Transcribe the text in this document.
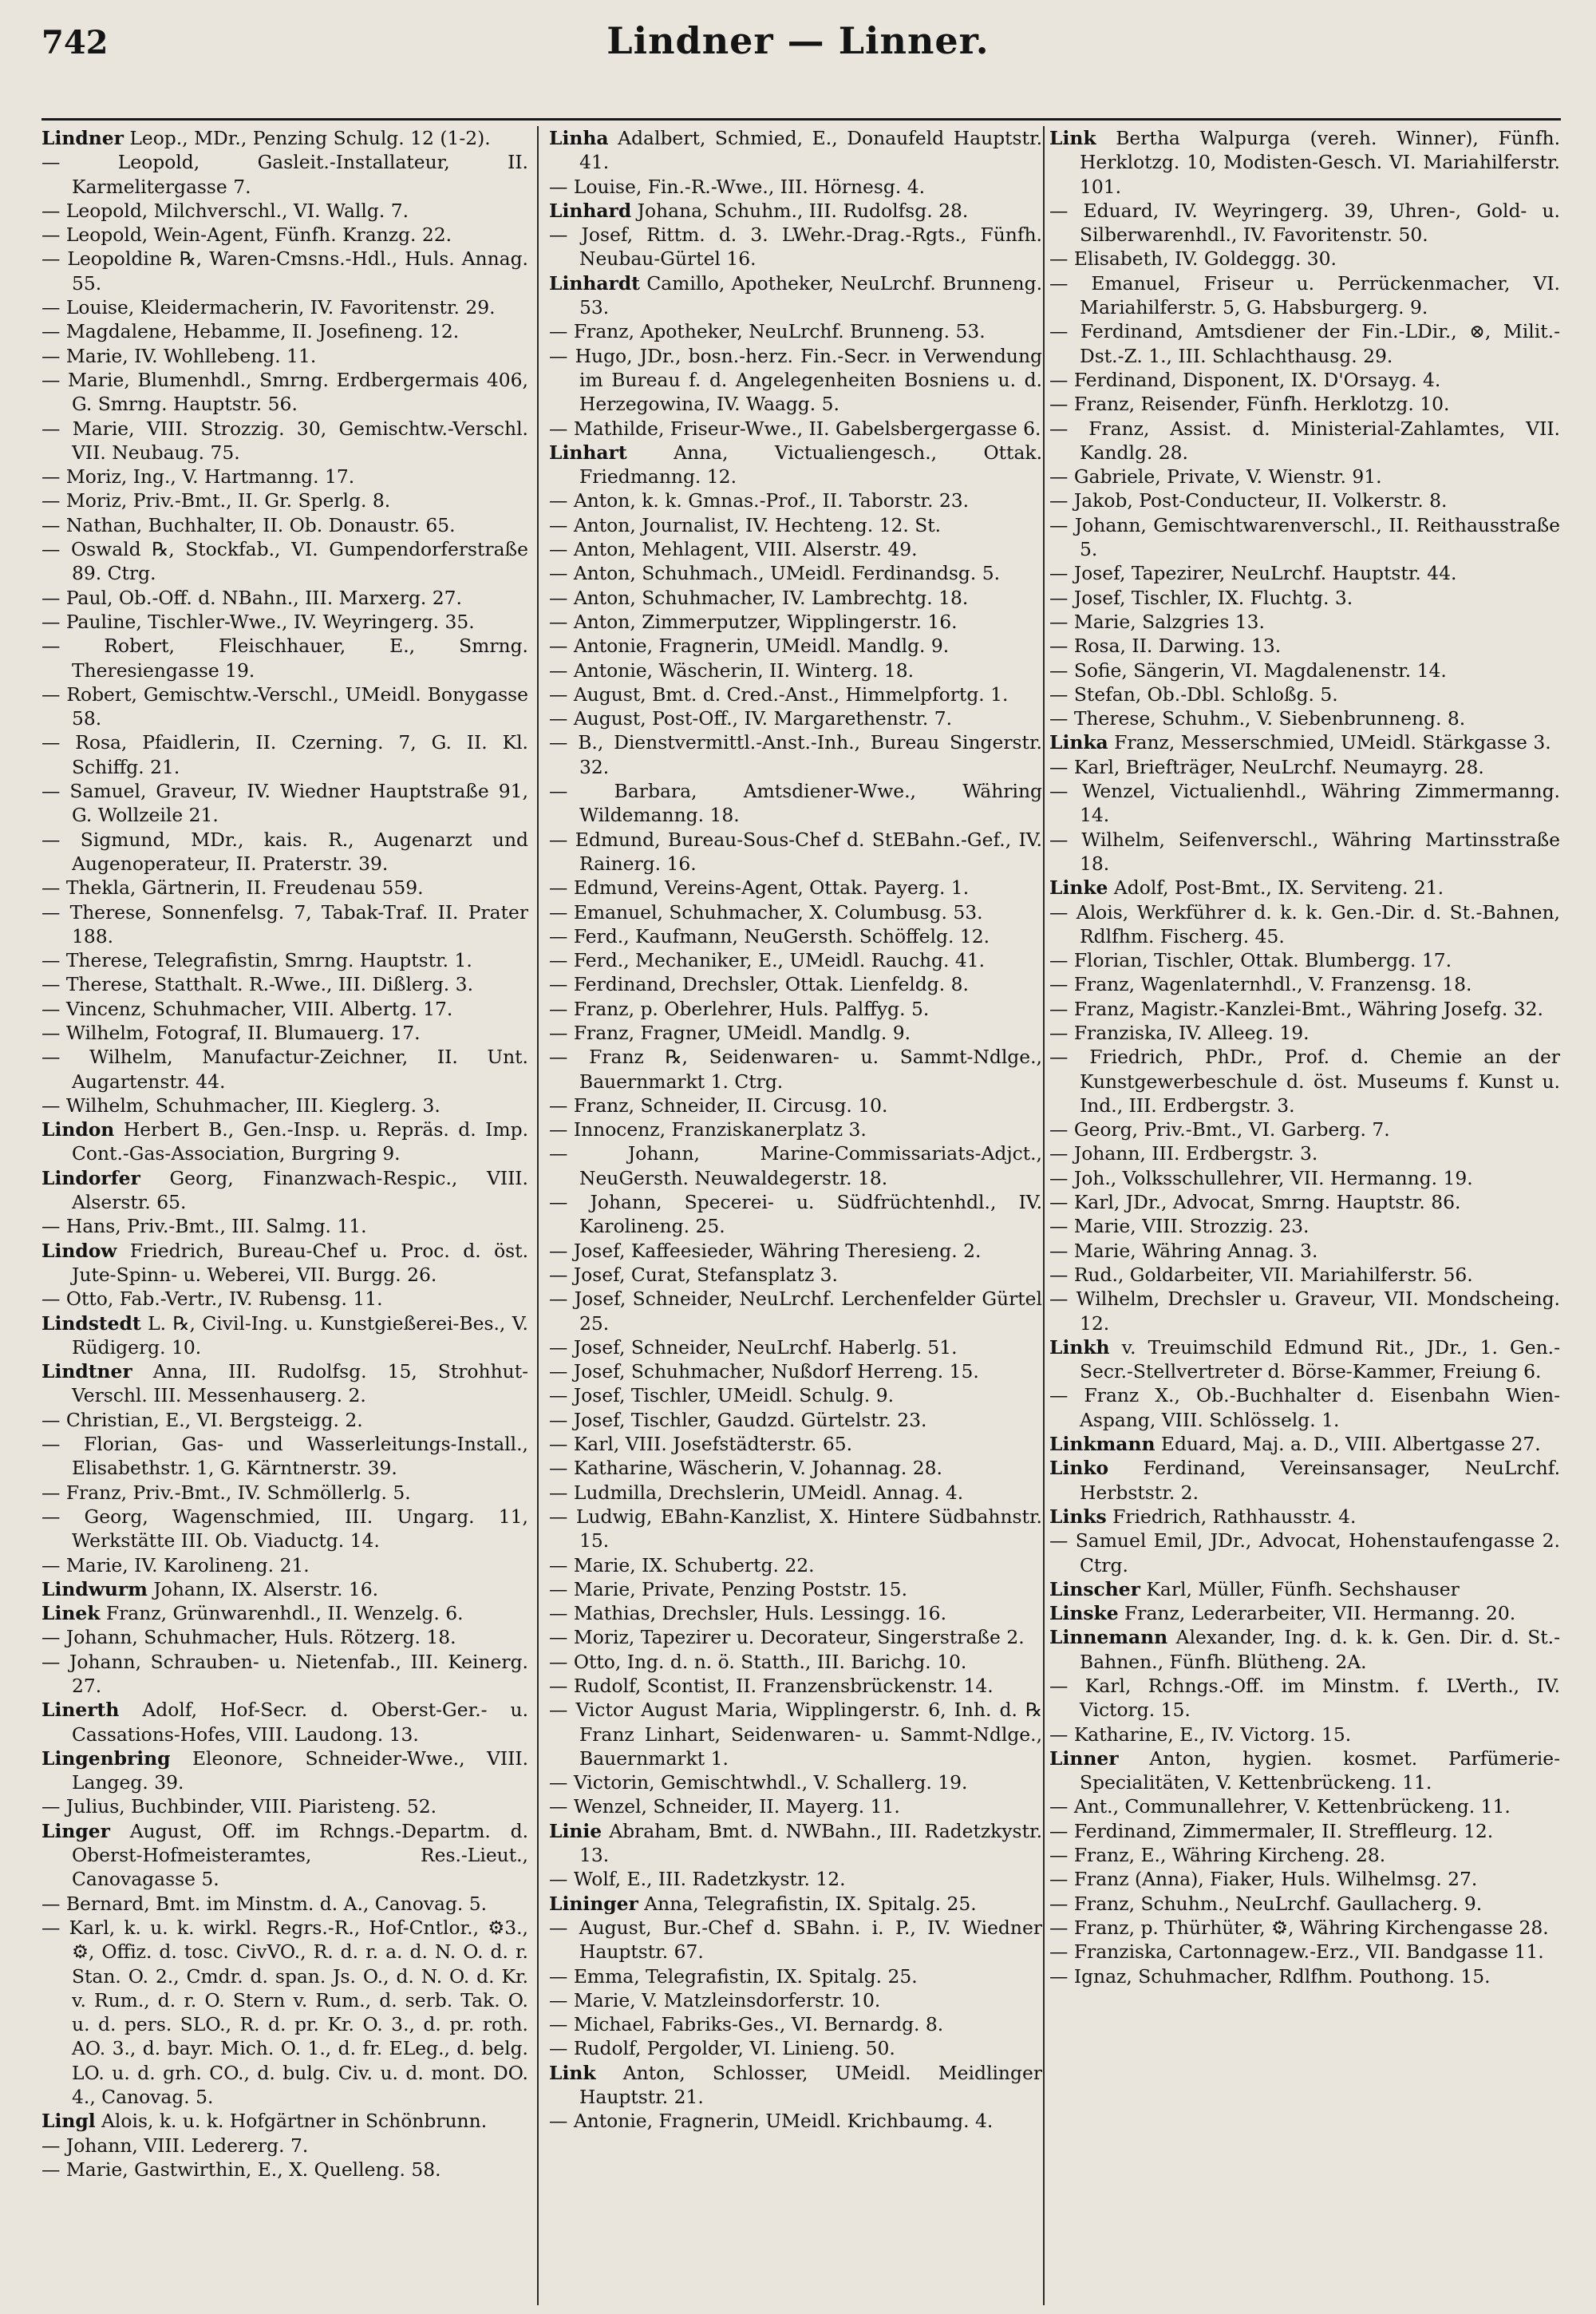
742	Lindner — Linner.
Lindner Leop., MDr., Penzing Schulg. 12 (1-2).
— Leopold, Gasleit.-Installateur, II. Karmelitergasse 7.
— Leopold, Milchverschl., VI. Wallg. 7.
— Leopold, Wein-Agent, Fünfh. Kranzg. 22.
— Leopoldine ℞, Waren-Cmsns.-Hdl., Huls. Annag. 55.
— Louise, Kleidermacherin, IV. Favoritenstr. 29.
— Magdalene, Hebamme, II. Josefineng. 12.
— Marie, IV. Wohllebeng. 11.
— Marie, Blumenhdl., Smrng. Erdbergermais 406, G. Smrng. Hauptstr. 56.
— Marie, VIII. Strozzig. 30, Gemischtw.-Verschl. VII. Neubaug. 75.
— Moriz, Ing., V. Hartmanng. 17.
— Moriz, Priv.-Bmt., II. Gr. Sperlg. 8.
— Nathan, Buchhalter, II. Ob. Donaustr. 65.
— Oswald ℞, Stockfab., VI. Gumpendorferstraße 89. Ctrg.
— Paul, Ob.-Off. d. NBahn., III. Marxerg. 27.
— Pauline, Tischler-Wwe., IV. Weyringerg. 35.
— Robert, Fleischhauer, E., Smrng. Theresiengasse 19.
— Robert, Gemischtw.-Verschl., UMeidl. Bonygasse 58.
— Rosa, Pfaidlerin, II. Czerning. 7, G. II. Kl. Schiffg. 21.
— Samuel, Graveur, IV. Wiedner Hauptstraße 91, G. Wollzeile 21.
— Sigmund, MDr., kais. R., Augenarzt und Augenoperateur, II. Praterstr. 39.
— Thekla, Gärtnerin, II. Freudenau 559.
— Therese, Sonnenfelsg. 7, Tabak-Traf. II. Prater 188.
— Therese, Telegrafistin, Smrng. Hauptstr. 1.
— Therese, Statthalt. R.-Wwe., III. Dißlerg. 3.
— Vincenz, Schuhmacher, VIII. Albertg. 17.
— Wilhelm, Fotograf, II. Blumauerg. 17.
— Wilhelm, Manufactur-Zeichner, II. Unt. Augartenstr. 44.
— Wilhelm, Schuhmacher, III. Kieglerg. 3.
Lindon Herbert B., Gen.-Insp. u. Repräs. d. Imp. Cont.-Gas-Association, Burgring 9.
Lindorfer Georg, Finanzwach-Respic., VIII. Alserstr. 65.
— Hans, Priv.-Bmt., III. Salmg. 11.
Lindow Friedrich, Bureau-Chef u. Proc. d. öst. Jute-Spinn- u. Weberei, VII. Burgg. 26.
— Otto, Fab.-Vertr., IV. Rubensg. 11.
Lindstedt L. ℞, Civil-Ing. u. Kunstgießerei-Bes., V. Rüdigerg. 10.
Lindtner Anna, III. Rudolfsg. 15, Strohhut-Verschl. III. Messenhauserg. 2.
— Christian, E., VI. Bergsteigg. 2.
— Florian, Gas- und Wasserleitungs-Install., Elisabethstr. 1, G. Kärntnerstr. 39.
— Franz, Priv.-Bmt., IV. Schmöllerlg. 5.
— Georg, Wagenschmied, III. Ungarg. 11, Werkstätte III. Ob. Viaductg. 14.
— Marie, IV. Karolineng. 21.
Lindwurm Johann, IX. Alserstr. 16.
Linek Franz, Grünwarenhdl., II. Wenzelg. 6.
— Johann, Schuhmacher, Huls. Rötzerg. 18.
— Johann, Schrauben- u. Nietenfab., III. Keinerg. 27.
Linerth Adolf, Hof-Secr. d. Oberst-Ger.- u. Cassations-Hofes, VIII. Laudong. 13.
Lingenbring Eleonore, Schneider-Wwe., VIII. Langeg. 39.
— Julius, Buchbinder, VIII. Piaristeng. 52.
Linger August, Off. im Rchngs.-Departm. d. Oberst-Hofmeisteramtes, Res.-Lieut., Canovagasse 5.
— Bernard, Bmt. im Minstm. d. A., Canovag. 5.
— Karl, k. u. k. wirkl. Regrs.-R., Hof-Cntlor., ⚙3., ⚙, Offiz. d. tosc. CivVO., R. d. r. a. d. N. O. d. r. Stan. O. 2., Cmdr. d. span. Js. O., d. N. O. d. Kr. v. Rum., d. r. O. Stern v. Rum., d. serb. Tak. O. u. d. pers. SLO., R. d. pr. Kr. O. 3., d. pr. roth. AO. 3., d. bayr. Mich. O. 1., d. fr. ELeg., d. belg. LO. u. d. grh. CO., d. bulg. Civ. u. d. mont. DO. 4., Canovag. 5.
Lingl Alois, k. u. k. Hofgärtner in Schönbrunn.
— Johann, VIII. Ledererg. 7.
— Marie, Gastwirthin, E., X. Quelleng. 58.
Linha Adalbert, Schmied, E., Donaufeld Hauptstr. 41.
— Louise, Fin.-R.-Wwe., III. Hörnesg. 4.
Linhard Johana, Schuhm., III. Rudolfsg. 28.
— Josef, Rittm. d. 3. LWehr.-Drag.-Rgts., Fünfh. Neubau-Gürtel 16.
Linhardt Camillo, Apotheker, NeuLrchf. Brunneng. 53.
— Franz, Apotheker, NeuLrchf. Brunneng. 53.
— Hugo, JDr., bosn.-herz. Fin.-Secr. in Verwendung im Bureau f. d. Angelegenheiten Bosniens u. d. Herzegowina, IV. Waagg. 5.
— Mathilde, Friseur-Wwe., II. Gabelsbergergasse 6.
Linhart Anna, Victualiengesch., Ottak. Friedmanng. 12.
— Anton, k. k. Gmnas.-Prof., II. Taborstr. 23.
— Anton, Journalist, IV. Hechteng. 12. St.
— Anton, Mehlagent, VIII. Alserstr. 49.
— Anton, Schuhmach., UMeidl. Ferdinandsg. 5.
— Anton, Schuhmacher, IV. Lambrechtg. 18.
— Anton, Zimmerputzer, Wipplingerstr. 16.
— Antonie, Fragnerin, UMeidl. Mandlg. 9.
— Antonie, Wäscherin, II. Winterg. 18.
— August, Bmt. d. Cred.-Anst., Himmelpfortg. 1.
— August, Post-Off., IV. Margarethenstr. 7.
— B., Dienstvermittl.-Anst.-Inh., Bureau Singerstr. 32.
— Barbara, Amtsdiener-Wwe., Währing Wildemanng. 18.
— Edmund, Bureau-Sous-Chef d. StEBahn.-Gef., IV. Rainerg. 16.
— Edmund, Vereins-Agent, Ottak. Payerg. 1.
— Emanuel, Schuhmacher, X. Columbusg. 53.
— Ferd., Kaufmann, NeuGersth. Schöffelg. 12.
— Ferd., Mechaniker, E., UMeidl. Rauchg. 41.
— Ferdinand, Drechsler, Ottak. Lienfeldg. 8.
— Franz, p. Oberlehrer, Huls. Palffyg. 5.
— Franz, Fragner, UMeidl. Mandlg. 9.
— Franz ℞, Seidenwaren- u. Sammt-Ndlge., Bauernmarkt 1. Ctrg.
— Franz, Schneider, II. Circusg. 10.
— Innocenz, Franziskanerplatz 3.
— Johann, Marine-Commissariats-Adjct., NeuGersth. Neuwaldegerstr. 18.
— Johann, Specerei- u. Südfrüchtenhdl., IV. Karolineng. 25.
— Josef, Kaffeesieder, Währing Theresieng. 2.
— Josef, Curat, Stefansplatz 3.
— Josef, Schneider, NeuLrchf. Lerchenfelder Gürtel 25.
— Josef, Schneider, NeuLrchf. Haberlg. 51.
— Josef, Schuhmacher, Nußdorf Herreng. 15.
— Josef, Tischler, UMeidl. Schulg. 9.
— Josef, Tischler, Gaudzd. Gürtelstr. 23.
— Karl, VIII. Josefstädterstr. 65.
— Katharine, Wäscherin, V. Johannag. 28.
— Ludmilla, Drechslerin, UMeidl. Annag. 4.
— Ludwig, EBahn-Kanzlist, X. Hintere Südbahnstr. 15.
— Marie, IX. Schubertg. 22.
— Marie, Private, Penzing Poststr. 15.
— Mathias, Drechsler, Huls. Lessingg. 16.
— Moriz, Tapezirer u. Decorateur, Singerstraße 2.
— Otto, Ing. d. n. ö. Statth., III. Barichg. 10.
— Rudolf, Scontist, II. Franzensbrückenstr. 14.
— Victor August Maria, Wipplingerstr. 6, Inh. d. ℞ Franz Linhart, Seidenwaren- u. Sammt-Ndlge., Bauernmarkt 1.
— Victorin, Gemischtwhdl., V. Schallerg. 19.
— Wenzel, Schneider, II. Mayerg. 11.
Linie Abraham, Bmt. d. NWBahn., III. Radetzkystr. 13.
— Wolf, E., III. Radetzkystr. 12.
Lininger Anna, Telegrafistin, IX. Spitalg. 25.
— August, Bur.-Chef d. SBahn. i. P., IV. Wiedner Hauptstr. 67.
— Emma, Telegrafistin, IX. Spitalg. 25.
— Marie, V. Matzleinsdorferstr. 10.
— Michael, Fabriks-Ges., VI. Bernardg. 8.
— Rudolf, Pergolder, VI. Linieng. 50.
Link Anton, Schlosser, UMeidl. Meidlinger Hauptstr. 21.
— Antonie, Fragnerin, UMeidl. Krichbaumg. 4.
Link Bertha Walpurga (vereh. Winner), Fünfh. Herklotzg. 10, Modisten-Gesch. VI. Mariahilferstr. 101.
— Eduard, IV. Weyringerg. 39, Uhren-, Gold- u. Silberwarenhdl., IV. Favoritenstr. 50.
— Elisabeth, IV. Goldeggg. 30.
— Emanuel, Friseur u. Perrückenmacher, VI. Mariahilferstr. 5, G. Habsburgerg. 9.
— Ferdinand, Amtsdiener der Fin.-LDir., ⊗, Milit.-Dst.-Z. 1., III. Schlachthausg. 29.
— Ferdinand, Disponent, IX. D'Orsayg. 4.
— Franz, Reisender, Fünfh. Herklotzg. 10.
— Franz, Assist. d. Ministerial-Zahlamtes, VII. Kandlg. 28.
— Gabriele, Private, V. Wienstr. 91.
— Jakob, Post-Conducteur, II. Volkerstr. 8.
— Johann, Gemischtwarenverschl., II. Reithausstraße 5.
— Josef, Tapezirer, NeuLrchf. Hauptstr. 44.
— Josef, Tischler, IX. Fluchtg. 3.
— Marie, Salzgries 13.
— Rosa, II. Darwing. 13.
— Sofie, Sängerin, VI. Magdalenenstr. 14.
— Stefan, Ob.-Dbl. Schloßg. 5.
— Therese, Schuhm., V. Siebenbrunneng. 8.
Linka Franz, Messerschmied, UMeidl. Stärkgasse 3.
— Karl, Briefträger, NeuLrchf. Neumayrg. 28.
— Wenzel, Victualienhdl., Währing Zimmermanng. 14.
— Wilhelm, Seifenverschl., Währing Martinsstraße 18.
Linke Adolf, Post-Bmt., IX. Serviteng. 21.
— Alois, Werkführer d. k. k. Gen.-Dir. d. St.-Bahnen, Rdlfhm. Fischerg. 45.
— Florian, Tischler, Ottak. Blumbergg. 17.
— Franz, Wagenlaternhdl., V. Franzensg. 18.
— Franz, Magistr.-Kanzlei-Bmt., Währing Josefg. 32.
— Franziska, IV. Alleeg. 19.
— Friedrich, PhDr., Prof. d. Chemie an der Kunstgewerbeschule d. öst. Museums f. Kunst u. Ind., III. Erdbergstr. 3.
— Georg, Priv.-Bmt., VI. Garberg. 7.
— Johann, III. Erdbergstr. 3.
— Joh., Volksschullehrer, VII. Hermanng. 19.
— Karl, JDr., Advocat, Smrng. Hauptstr. 86.
— Marie, VIII. Strozzig. 23.
— Marie, Währing Annag. 3.
— Rud., Goldarbeiter, VII. Mariahilferstr. 56.
— Wilhelm, Drechsler u. Graveur, VII. Mondscheing. 12.
Linkh v. Treuimschild Edmund Rit., JDr., 1. Gen.-Secr.-Stellvertreter d. Börse-Kammer, Freiung 6.
— Franz X., Ob.-Buchhalter d. Eisenbahn Wien-Aspang, VIII. Schlösselg. 1.
Linkmann Eduard, Maj. a. D., VIII. Albertgasse 27.
Linko Ferdinand, Vereinsansager, NeuLrchf. Herbststr. 2.
Links Friedrich, Rathhausstr. 4.
— Samuel Emil, JDr., Advocat, Hohenstaufengasse 2. Ctrg.
Linscher Karl, Müller, Fünfh. Sechshauser
Linske Franz, Lederarbeiter, VII. Hermanng. 20.
Linnemann Alexander, Ing. d. k. k. Gen. Dir. d. St.-Bahnen., Fünfh. Blütheng. 2A.
— Karl, Rchngs.-Off. im Minstm. f. LVerth., IV. Victorg. 15.
— Katharine, E., IV. Victorg. 15.
Linner Anton, hygien. kosmet. Parfümerie-Specialitäten, V. Kettenbrückeng. 11.
— Ant., Communallehrer, V. Kettenbrückeng. 11.
— Ferdinand, Zimmermaler, II. Streffleurg. 12.
— Franz, E., Währing Kircheng. 28.
— Franz (Anna), Fiaker, Huls. Wilhelmsg. 27.
— Franz, Schuhm., NeuLrchf. Gaullacherg. 9.
— Franz, p. Thürhüter, ⚙, Währing Kirchengasse 28.
— Franziska, Cartonnagew.-Erz., VII. Bandgasse 11.
— Ignaz, Schuhmacher, Rdlfhm. Pouthong. 15.
